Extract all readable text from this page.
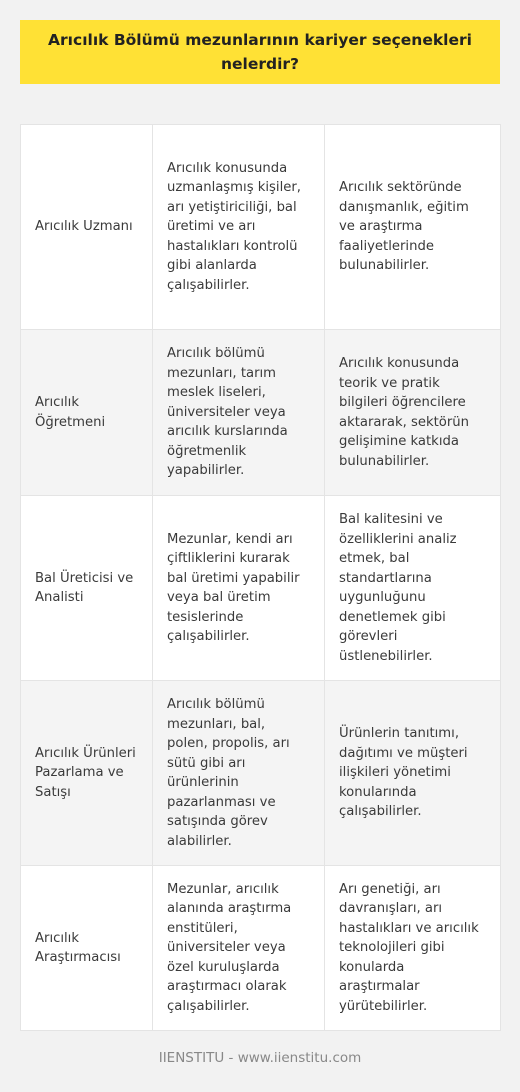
Arıcılık Bölümü mezunlarının kariyer seçenekleri nelerdir?
Arıcılık Uzmanı	Arıcılık konusunda uzmanlaşmış kişiler, arı yetiştiriciliği, bal üretimi ve arı hastalıkları kontrolü gibi alanlarda çalışabilirler.	Arıcılık sektöründe danışmanlık, eğitim ve araştırma faaliyetlerinde bulunabilirler.
Arıcılık Öğretmeni	Arıcılık bölümü mezunları, tarım meslek liseleri, üniversiteler veya arıcılık kurslarında öğretmenlik yapabilirler.	Arıcılık konusunda teorik ve pratik bilgileri öğrencilere aktararak, sektörün gelişimine katkıda bulunabilirler.
Bal Üreticisi ve Analisti	Mezunlar, kendi arı çiftliklerini kurarak bal üretimi yapabilir veya bal üretim tesislerinde çalışabilirler.	Bal kalitesini ve özelliklerini analiz etmek, bal standartlarına uygunluğunu denetlemek gibi görevleri üstlenebilirler.
Arıcılık Ürünleri Pazarlama ve Satışı	Arıcılık bölümü mezunları, bal, polen, propolis, arı sütü gibi arı ürünlerinin pazarlanması ve satışında görev alabilirler.	Ürünlerin tanıtımı, dağıtımı ve müşteri ilişkileri yönetimi konularında çalışabilirler.
Arıcılık Araştırmacısı	Mezunlar, arıcılık alanında araştırma enstitüleri, üniversiteler veya özel kuruluşlarda araştırmacı olarak çalışabilirler.	Arı genetiği, arı davranışları, arı hastalıkları ve arıcılık teknolojileri gibi konularda araştırmalar yürütebilirler.
IIENSTITU - www.iienstitu.com
